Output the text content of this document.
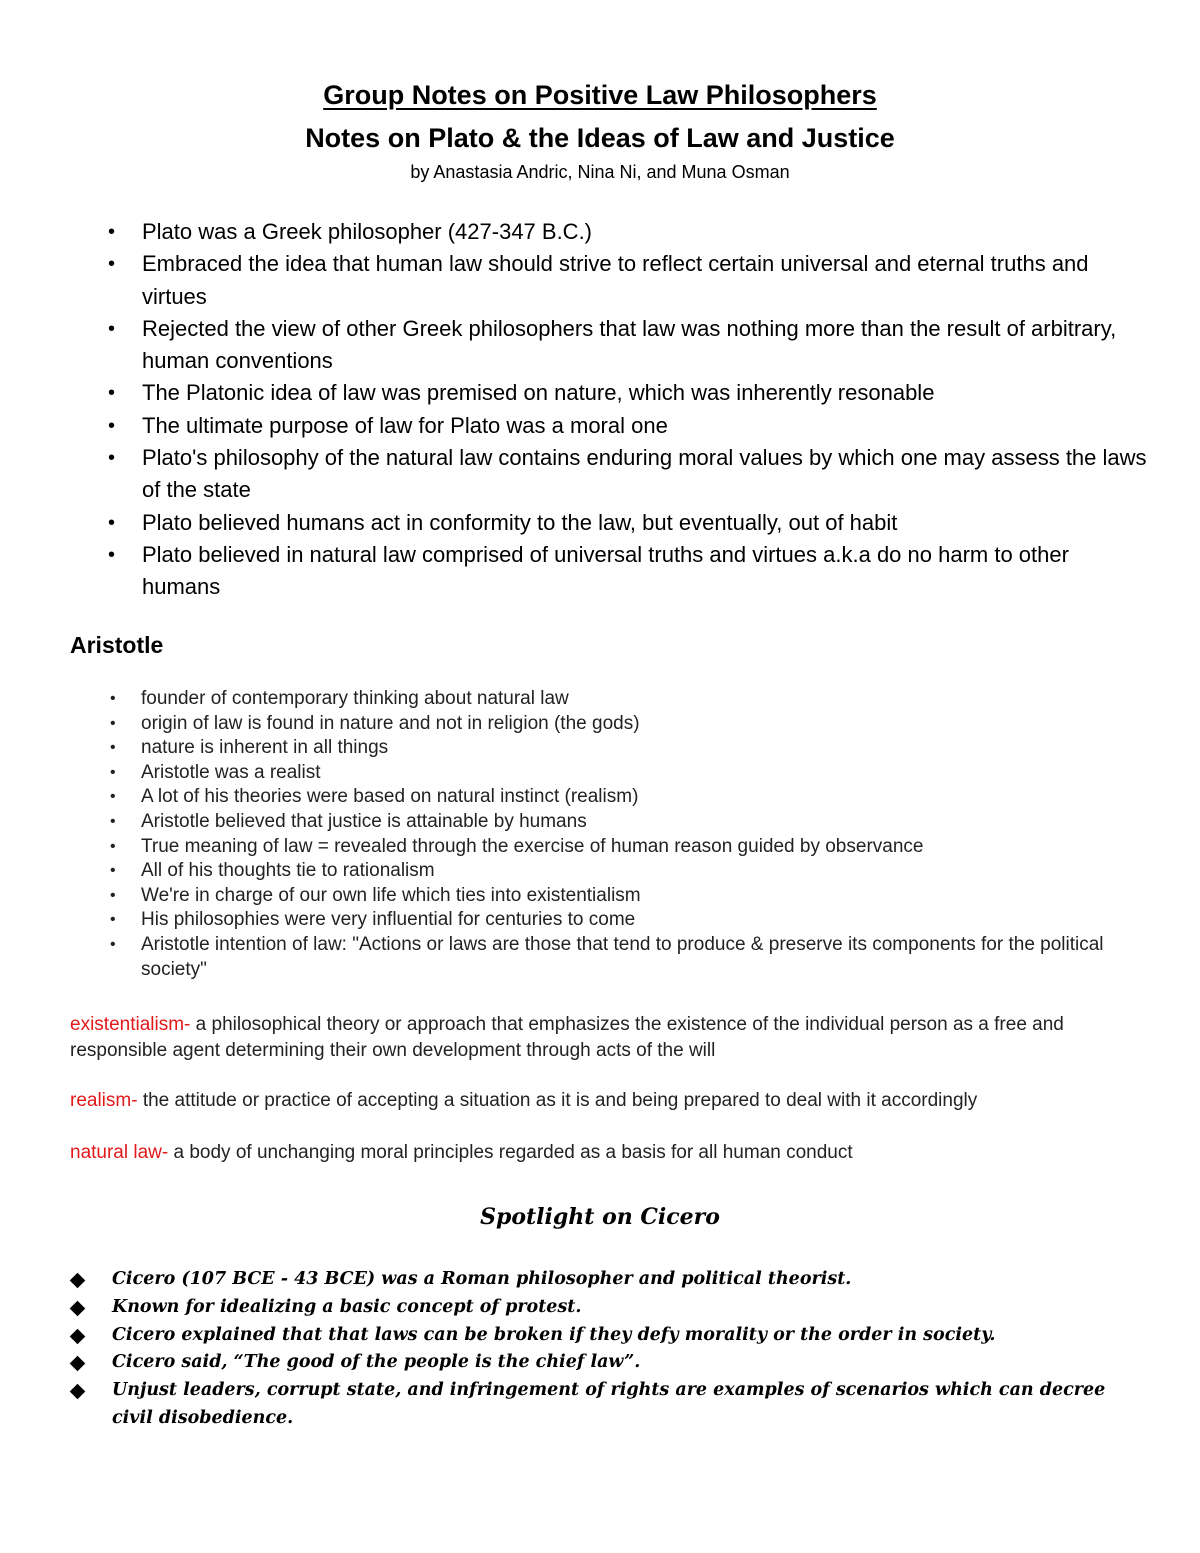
Group Notes on Positive Law Philosophers
Notes on Plato & the Ideas of Law and Justice
by Anastasia Andric, Nina Ni, and Muna Osman
• Plato was a Greek philosopher (427-347 B.C.)
• Embraced the idea that human law should strive to reflect certain universal and eternal truths and virtues
• Rejected the view of other Greek philosophers that law was nothing more than the result of arbitrary, human conventions
• The Platonic idea of law was premised on nature, which was inherently resonable
• The ultimate purpose of law for Plato was a moral one
• Plato's philosophy of the natural law contains enduring moral values by which one may assess the laws of the state
• Plato believed humans act in conformity to the law, but eventually, out of habit
• Plato believed in natural law comprised of universal truths and virtues a.k.a do no harm to other humans
Aristotle
• founder of contemporary thinking about natural law
• origin of law is found in nature and not in religion (the gods)
• nature is inherent in all things
• Aristotle was a realist
• A lot of his theories were based on natural instinct (realism)
• Aristotle believed that justice is attainable by humans
• True meaning of law = revealed through the exercise of human reason guided by observance
• All of his thoughts tie to rationalism
• We're in charge of our own life which ties into existentialism
• His philosophies were very influential for centuries to come
• Aristotle intention of law: "Actions or laws are those that tend to produce & preserve its components for the political society"

existentialism- a philosophical theory or approach that emphasizes the existence of the individual person as a free and responsible agent determining their own development through acts of the will

realism- the attitude or practice of accepting a situation as it is and being prepared to deal with it accordingly

natural law- a body of unchanging moral principles regarded as a basis for all human conduct

Spotlight on Cicero
Cicero (107 BCE - 43 BCE) was a Roman philosopher and political theorist.
Known for idealizing a basic concept of protest.
Cicero explained that that laws can be broken if they defy morality or the order in society.
Cicero said, “The good of the people is the chief law”.
Unjust leaders, corrupt state, and infringement of rights are examples of scenarios which can decree civil disobedience.
